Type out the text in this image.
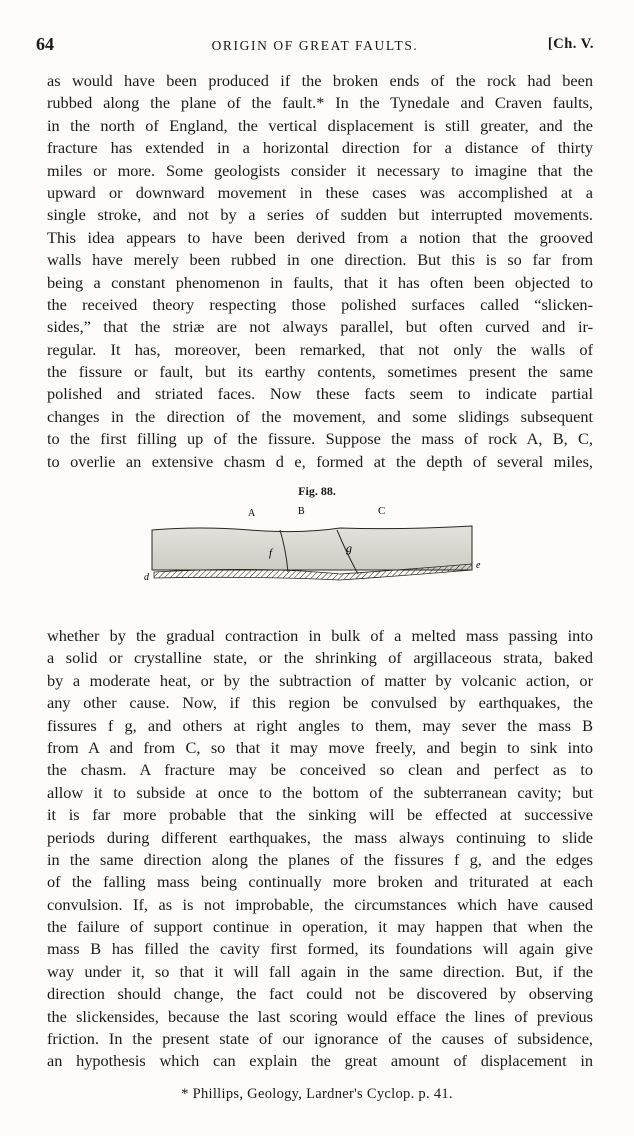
64	ORIGIN OF GREAT FAULTS.	[Ch. V.
as would have been produced if the broken ends of the rock had been
rubbed along the plane of the fault.* In the Tynedale and Craven faults,
in the north of England, the vertical displacement is still greater, and the
fracture has extended in a horizontal direction for a distance of thirty
miles or more. Some geologists consider it necessary to imagine that the
upward or downward movement in these cases was accomplished at a
single stroke, and not by a series of sudden but interrupted movements.
This idea appears to have been derived from a notion that the grooved
walls have merely been rubbed in one direction. But this is so far from
being a constant phenomenon in faults, that it has often been objected to
the received theory respecting those polished surfaces called “slicken-
sides,” that the striæ are not always parallel, but often curved and ir-
regular. It has, moreover, been remarked, that not only the walls of
the fissure or fault, but its earthy contents, sometimes present the same
polished and striated faces. Now these facts seem to indicate partial
changes in the direction of the movement, and some slidings subsequent
to the first filling up of the fissure. Suppose the mass of rock A, B, C,
to overlie an extensive chasm d e, formed at the depth of several miles,
Fig. 88.
A	B	C
d
e
f	g
whether by the gradual contraction in bulk of a melted mass passing into
a solid or crystalline state, or the shrinking of argillaceous strata, baked
by a moderate heat, or by the subtraction of matter by volcanic action, or
any other cause. Now, if this region be convulsed by earthquakes, the
fissures f g, and others at right angles to them, may sever the mass B
from A and from C, so that it may move freely, and begin to sink into
the chasm. A fracture may be conceived so clean and perfect as to
allow it to subside at once to the bottom of the subterranean cavity; but
it is far more probable that the sinking will be effected at successive
periods during different earthquakes, the mass always continuing to slide
in the same direction along the planes of the fissures f g, and the edges
of the falling mass being continually more broken and triturated at each
convulsion. If, as is not improbable, the circumstances which have caused
the failure of support continue in operation, it may happen that when the
mass B has filled the cavity first formed, its foundations will again give
way under it, so that it will fall again in the same direction. But, if the
direction should change, the fact could not be discovered by observing
the slickensides, because the last scoring would efface the lines of previous
friction. In the present state of our ignorance of the causes of subsidence,
an hypothesis which can explain the great amount of displacement in
* Phillips, Geology, Lardner's Cyclop. p. 41.
